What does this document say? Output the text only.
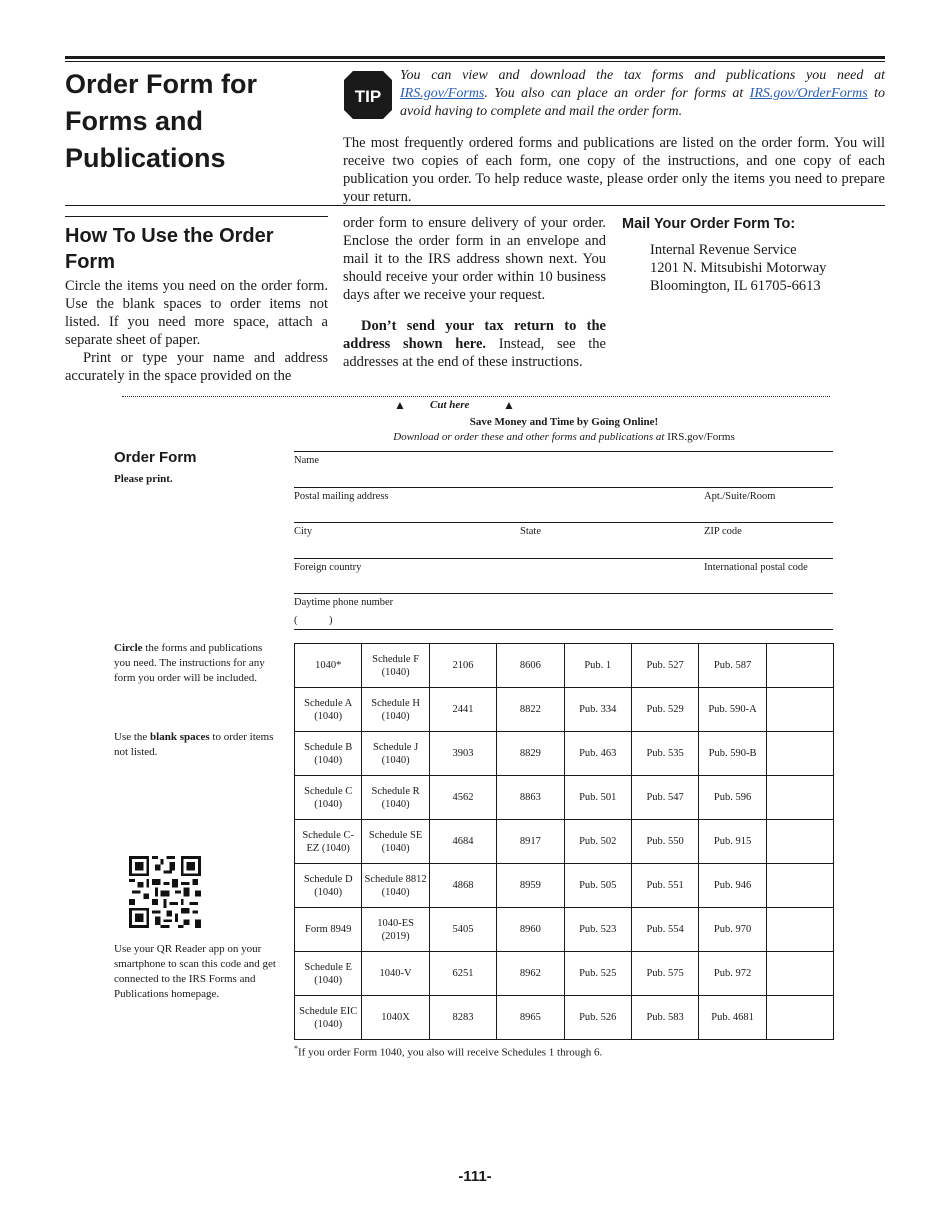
Order Form for
Forms and
Publications
TIP
You can view and download the tax forms and publications you need at IRS.gov/Forms. You also can place an order for forms at IRS.gov/OrderForms to avoid having to complete and mail the order form.
The most frequently ordered forms and publications are listed on the order form. You will receive two copies of each form, one copy of the instructions, and one copy of each publication you order. To help reduce waste, please order only the items you need to prepare your return.
How To Use the Order Form

Circle the items you need on the order form. Use the blank spaces to order items not listed. If you need more space, attach a separate sheet of paper.

Print or type your name and address accurately in the space provided on the

order form to ensure delivery of your order. Enclose the order form in an envelope and mail it to the IRS address shown next. You should receive your order within 10 business days after we receive your request.

Don’t send your tax return to the address shown here. Instead, see the addresses at the end of these instructions.

Mail Your Order Form To:
Internal Revenue Service
1201 N. Mitsubishi Motorway
Bloomington, IL 61705-6613
▲ Cut here	▲
Save Money and Time by Going Online!
Download or order these and other forms and publications at IRS.gov/Forms
Order Form
Please print.
Name
Postal mailing address	Apt./Suite/Room
City	State	ZIP code
Foreign country	International postal code
Daytime phone number
(            )
Circle the forms and publications you need. The instructions for any form you order will be included.
Use the blank spaces to order items not listed.
Use your QR Reader app on your smartphone to scan this code and get connected to the IRS Forms and Publications homepage.
1040*	Schedule F (1040)	2106	8606	Pub. 1	Pub. 527	Pub. 587	
Schedule A (1040)	Schedule H (1040)	2441	8822	Pub. 334	Pub. 529	Pub. 590-A	
Schedule B (1040)	Schedule J (1040)	3903	8829	Pub. 463	Pub. 535	Pub. 590-B	
Schedule C (1040)	Schedule R (1040)	4562	8863	Pub. 501	Pub. 547	Pub. 596	
Schedule C-EZ (1040)	Schedule SE (1040)	4684	8917	Pub. 502	Pub. 550	Pub. 915	
Schedule D (1040)	Schedule 8812 (1040)	4868	8959	Pub. 505	Pub. 551	Pub. 946	
Form 8949	1040-ES (2019)	5405	8960	Pub. 523	Pub. 554	Pub. 970	
Schedule E (1040)	1040-V	6251	8962	Pub. 525	Pub. 575	Pub. 972	
Schedule EIC (1040)	1040X	8283	8965	Pub. 526	Pub. 583	Pub. 4681	
*If you order Form 1040, you also will receive Schedules 1 through 6.
-111-
